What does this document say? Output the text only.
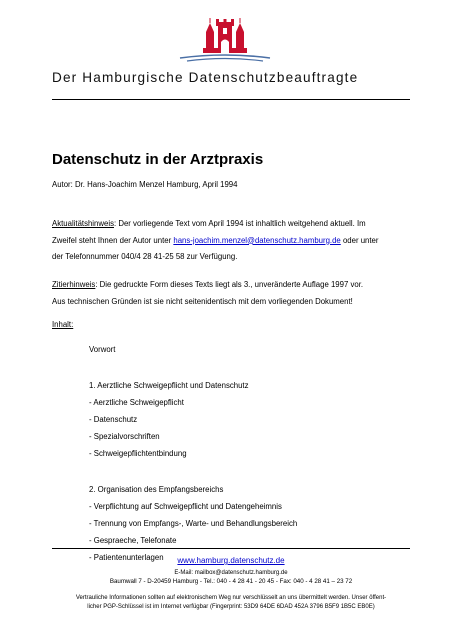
Der Hamburgische Datenschutzbeauftragte
Datenschutz in der Arztpraxis
Autor: Dr. Hans-Joachim Menzel Hamburg, April 1994
Aktualitätshinweis: Der vorliegende Text vom April 1994 ist inhaltlich weitgehend aktuell. Im
Zweifel steht Ihnen der Autor unter hans-joachim.menzel@datenschutz.hamburg.de oder unter
der Telefonnummer 040/4 28 41-25 58 zur Verfügung.
Zitierhinweis: Die gedruckte Form dieses Texts liegt als 3., unveränderte Auflage 1997 vor.
Aus technischen Gründen ist sie nicht seitenidentisch mit dem vorliegenden Dokument!
Inhalt:
Vorwort
1. Aerztliche Schweigepflicht und Datenschutz
- Aerztliche Schweigepflicht
- Datenschutz
- Spezialvorschriften
- Schweigepflichtentbindung
2. Organisation des Empfangsbereichs
- Verpflichtung auf Schweigepflicht und Datengeheimnis
- Trennung von Empfangs-, Warte- und Behandlungsbereich
- Gespraeche, Telefonate
- Patientenunterlagen	www.hamburg.datenschutz.de
E-Mail: mailbox@datenschutz.hamburg.de
Baumwall 7 - D-20459 Hamburg - Tel.: 040 - 4 28 41 - 20 45 - Fax: 040 - 4 28 41 – 23 72
Vertrauliche Informationen sollten auf elektronischem Weg nur verschlüsselt an uns übermittelt werden. Unser öffent-
licher PGP-Schlüssel ist im Internet verfügbar (Fingerprint: 53D9 64DE 6DAD 452A 3796 B5F9 1B5C EB0E)
